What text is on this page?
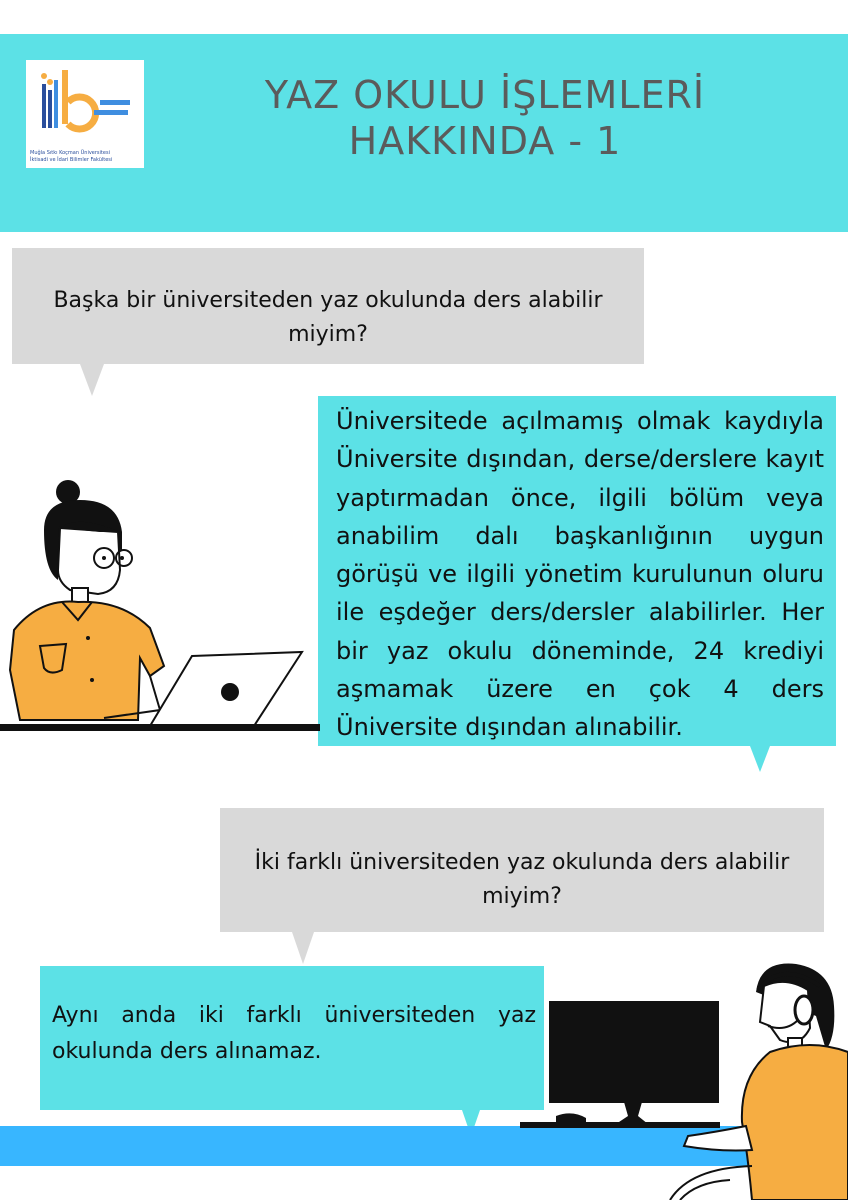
Muğla Sıtkı Koçman Üniversitesi
İktisadi ve İdari Bilimler Fakültesi
YAZ OKULU İŞLEMLERİ
HAKKINDA - 1

Başka bir üniversiteden yaz okulunda ders alabilir miyim?

Üniversitede açılmamış olmak kaydıyla Üniversite dışından, derse/derslere kayıt yaptırmadan önce, ilgili bölüm veya anabilim dalı başkanlığının uygun görüşü ve ilgili yönetim kurulunun oluru ile eşdeğer ders/dersler alabilirler. Her bir yaz okulu döneminde, 24 krediyi aşmamak üzere en çok 4 ders Üniversite dışından alınabilir.

İki farklı üniversiteden yaz okulunda ders alabilir miyim?

Aynı anda iki farklı üniversiteden yaz okulunda ders alınamaz.
